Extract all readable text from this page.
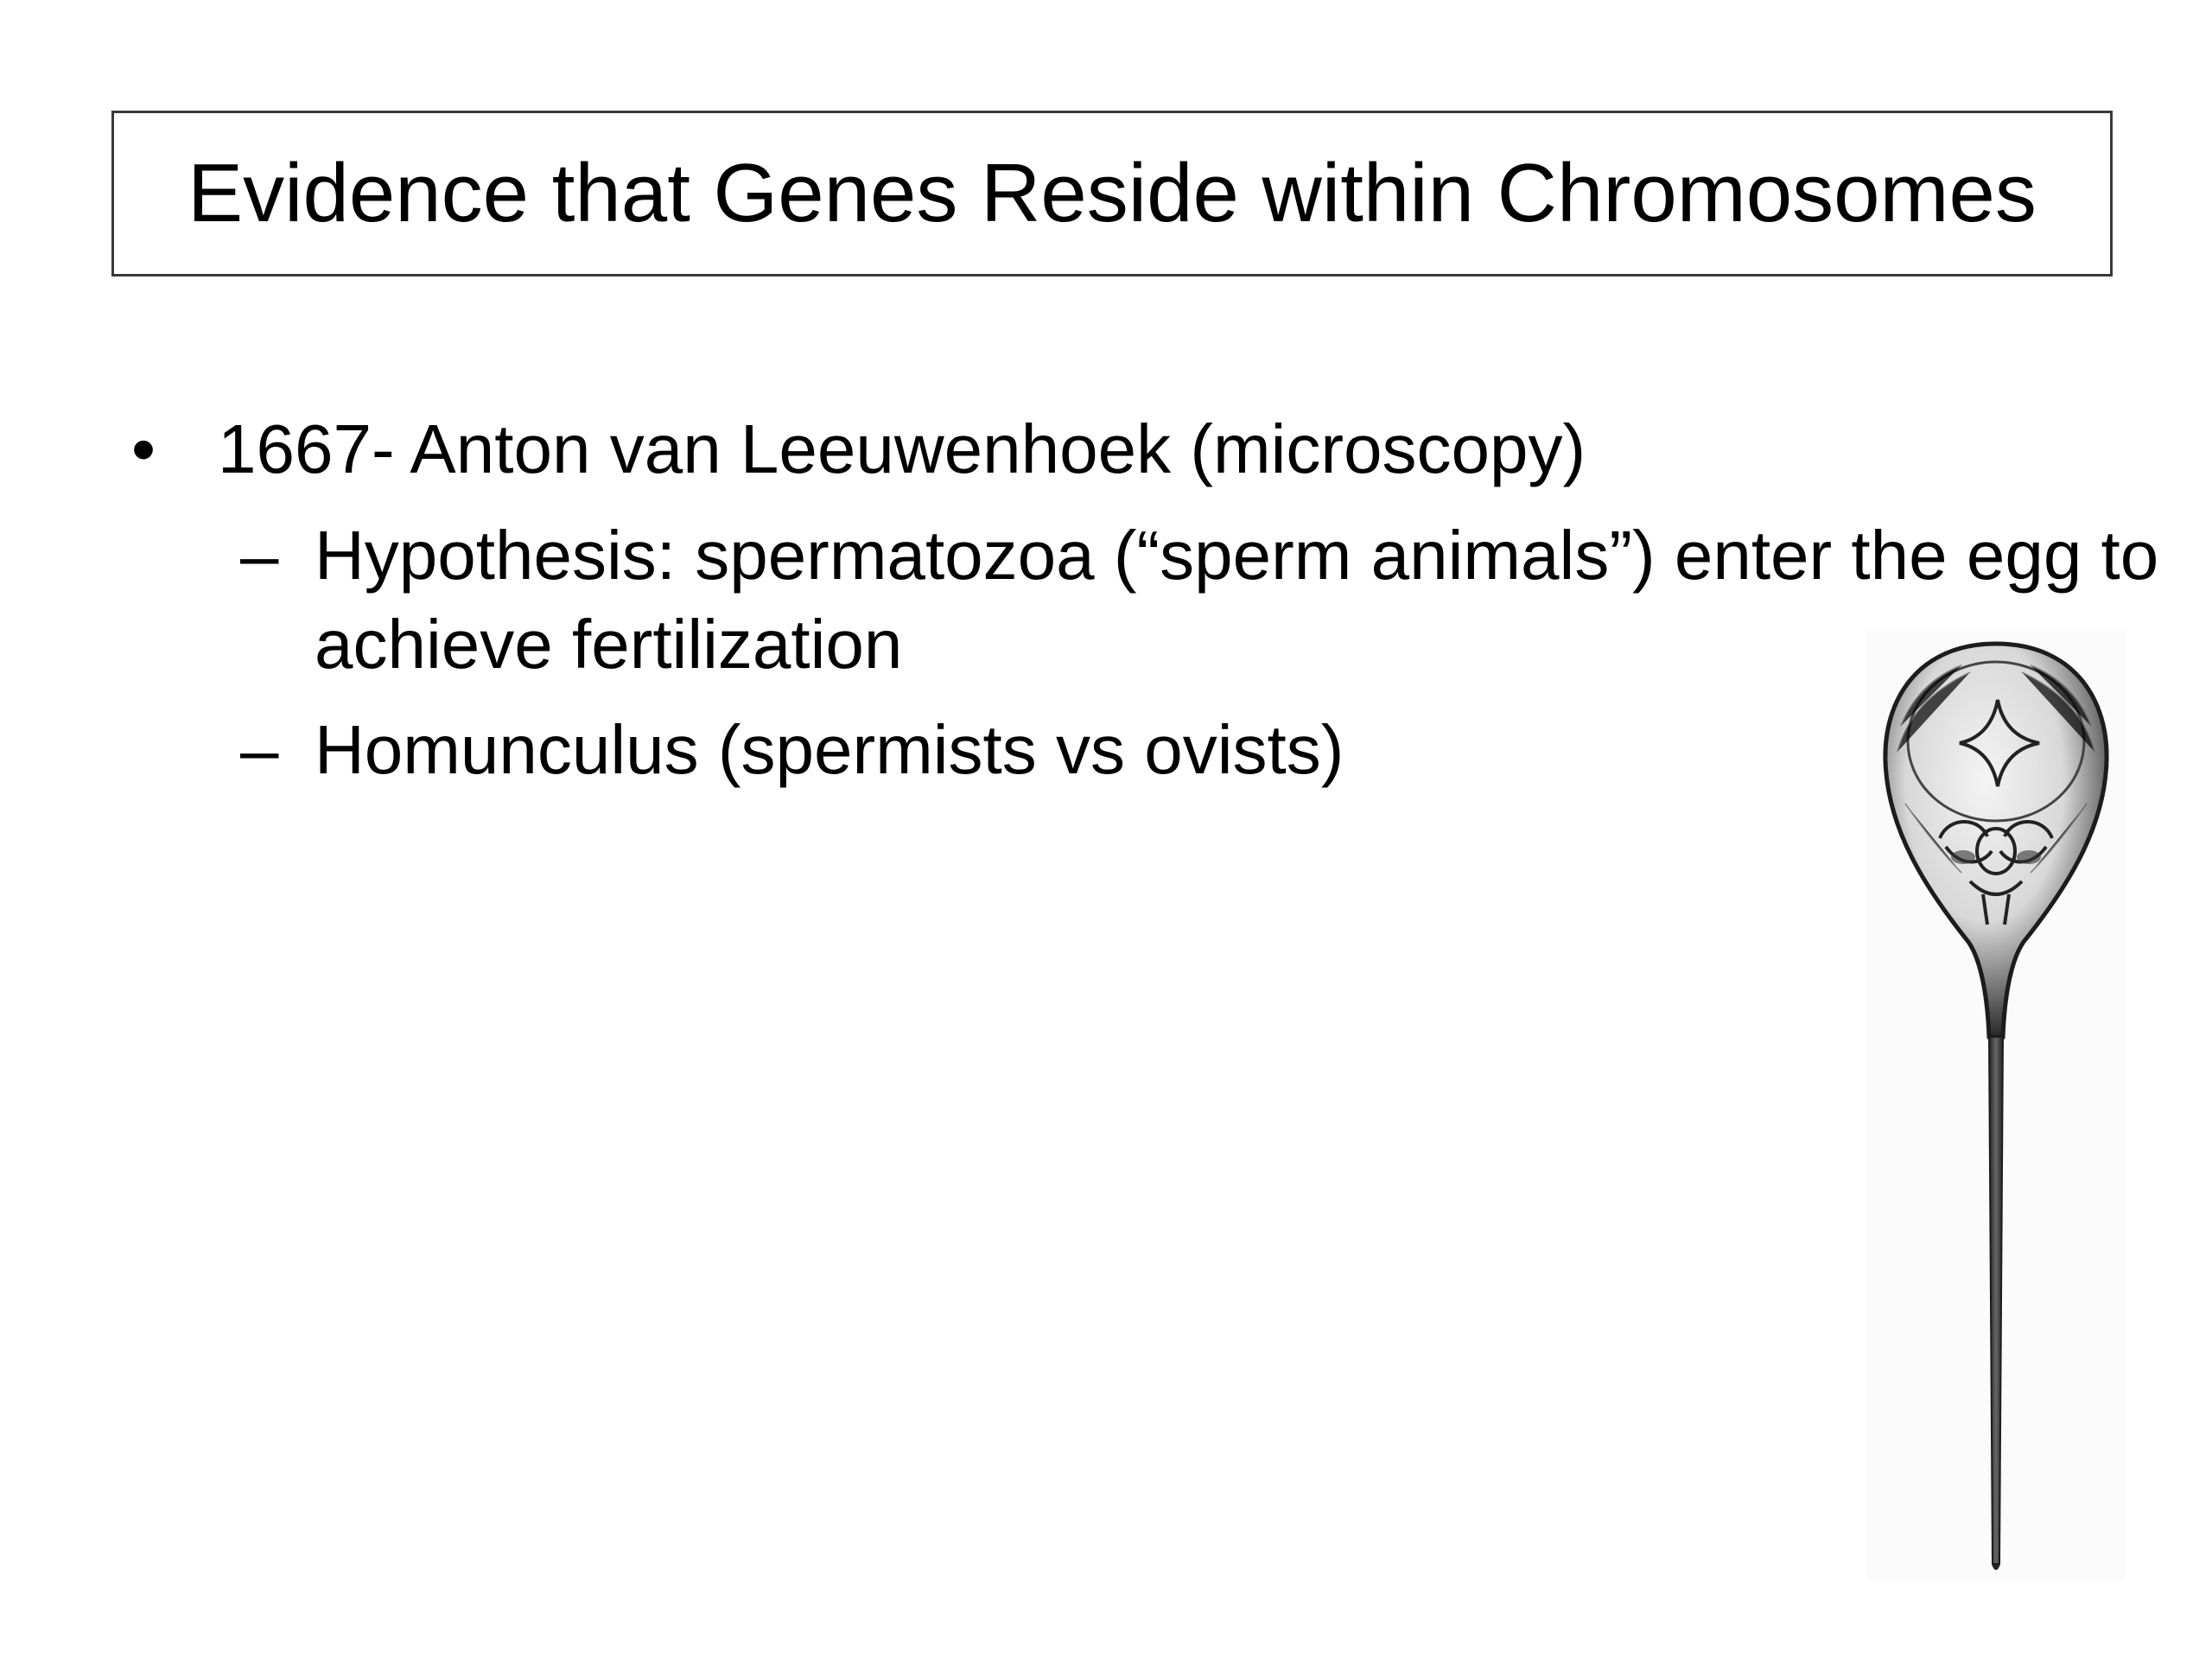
Evidence that Genes Reside within Chromosomes
• 1667- Anton van Leeuwenhoek (microscopy)
– Hypothesis: spermatozoa (“sperm animals”) enter the egg to achieve fertilization
– Homunculus (spermists vs ovists)
